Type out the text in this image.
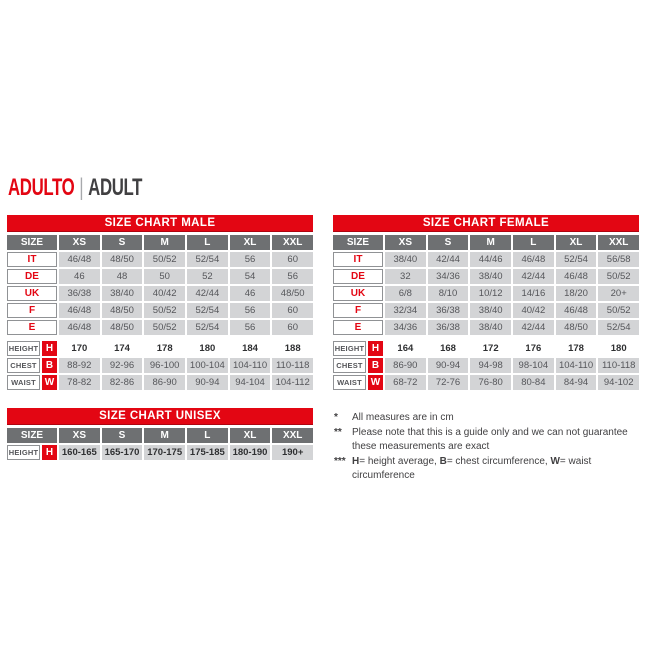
ADULTO | ADULT
SIZE CHART MALE
SIZE	XS	S	M	L	XL	XXL
IT	46/48	48/50	50/52	52/54	56	60
DE	46	48	50	52	54	56
UK	36/38	38/40	40/42	42/44	46	48/50
F	46/48	48/50	50/52	52/54	56	60
E	46/48	48/50	50/52	52/54	56	60
HEIGHT H	170	174	178	180	184	188
CHEST B	88-92	92-96	96-100	100-104 104-110 110-118
WAIST W	78-82	82-86	86-90	90-94	94-104	104-112
SIZE CHART FEMALE
SIZE	XS	S	M	L	XL	XXL
IT	38/40	42/44	44/46	46/48	52/54	56/58
DE	32	34/36	38/40	42/44	46/48	50/52
UK	6/8	8/10	10/12	14/16	18/20	20+
F	32/34	36/38	38/40	40/42	46/48	50/52
E	34/36	36/38	38/40	42/44	48/50	52/54
HEIGHT H	164	168	172	176	178	180
CHEST B	86-90	90-94	94-98	98-104	104-110 110-118
WAIST W	68-72	72-76	76-80	80-84	84-94	94-102
SIZE CHART UNISEX
SIZE	XS	S	M	L	XL	XXL
HEIGHT H 160-165 165-170 170-175 175-185 180-190	190+
*	All measures are in cm
**	Please note that this is a guide only and we can not guarantee these measurements are exact
*** H= height average, B= chest circumference, W= waist circumference
